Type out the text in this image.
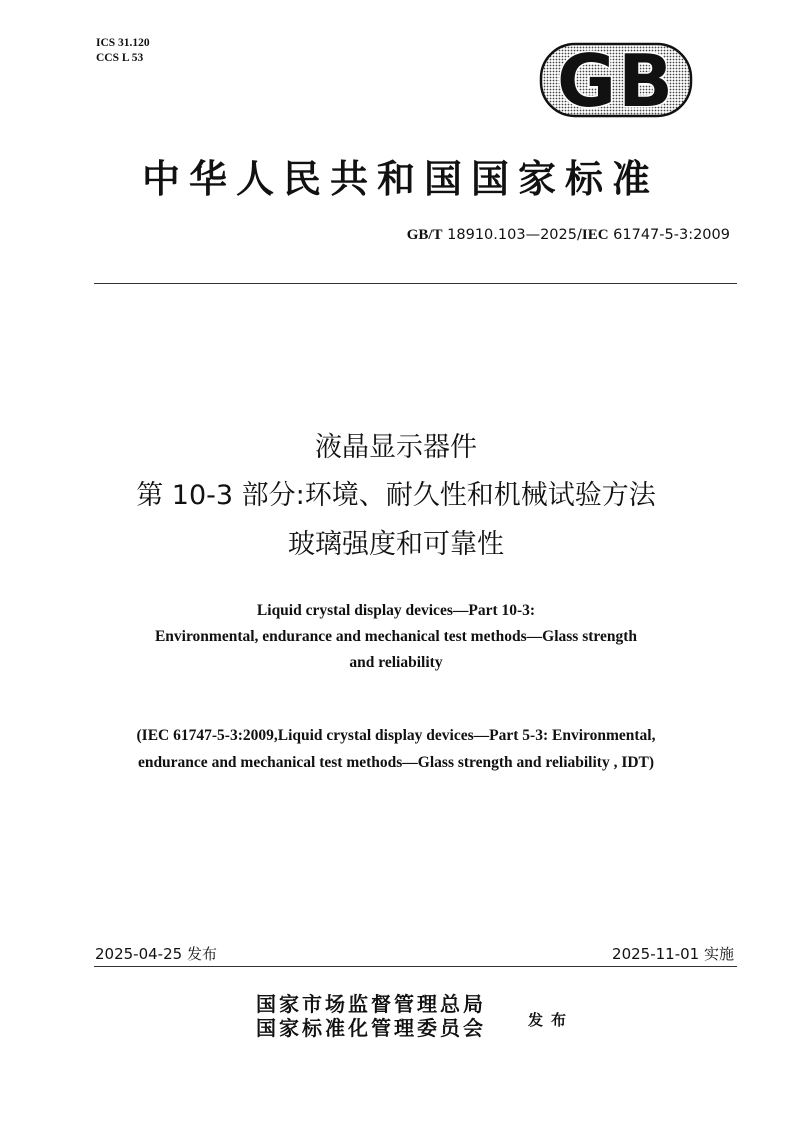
ICS 31.120
CCS L 53	GB
中华人民共和国国家标准
GB/T 18910.103—2025/IEC 61747-5-3:2009
液晶显示器件
第 10-3 部分:环境、耐久性和机械试验方法
玻璃强度和可靠性
Liquid crystal display devices—Part 10-3:
Environmental, endurance and mechanical test methods—Glass strength
and reliability
(IEC 61747-5-3:2009,Liquid crystal display devices—Part 5-3: Environmental,
endurance and mechanical test methods—Glass strength and reliability , IDT)
2025-04-25 发布	2025-11-01 实施
国家市场监督管理总局
国家标准化管理委员会	发布
